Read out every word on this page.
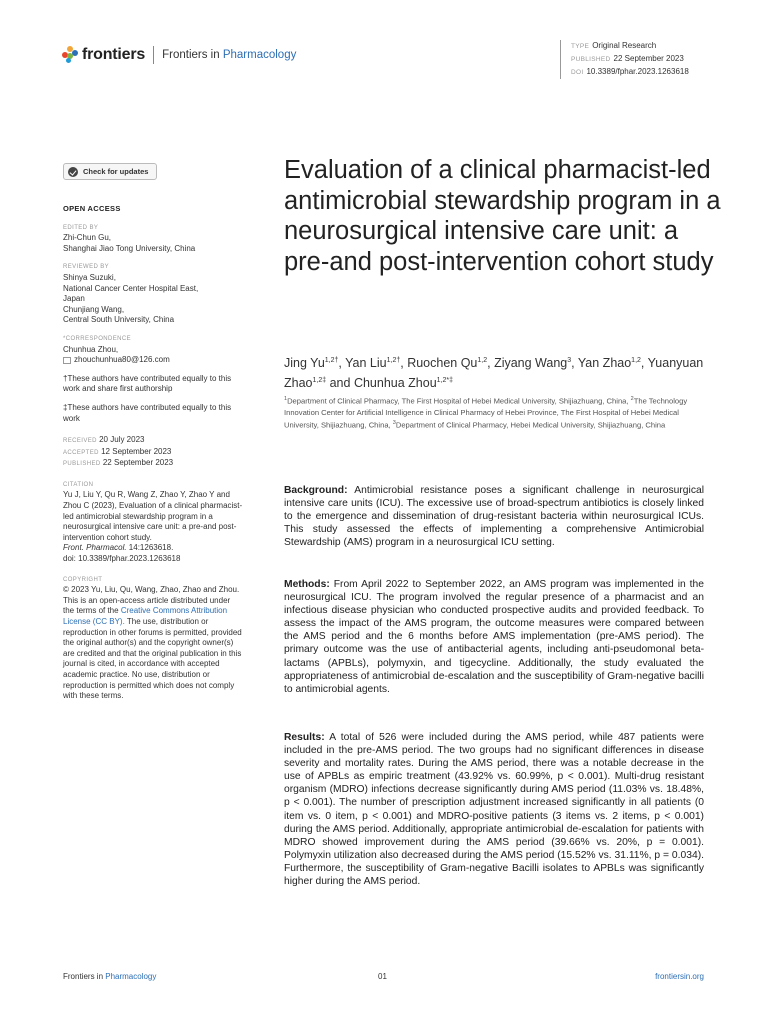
frontiers Frontiers in Pharmacology
TYPE Original Research
PUBLISHED 22 September 2023
DOI 10.3389/fphar.2023.1263618
Check for updates
OPEN ACCESS
EDITED BY
Zhi-Chun Gu,
Shanghai Jiao Tong University, China
REVIEWED BY
Shinya Suzuki,
National Cancer Center Hospital East,
Japan
Chunjiang Wang,
Central South University, China
*CORRESPONDENCE
Chunhua Zhou,
zhouchunhua80@126.com
†These authors have contributed equally to this work and share first authorship
‡These authors have contributed equally to this work
RECEIVED 20 July 2023
ACCEPTED 12 September 2023
PUBLISHED 22 September 2023
CITATION
Yu J, Liu Y, Qu R, Wang Z, Zhao Y, Zhao Y and Zhou C (2023), Evaluation of a clinical pharmacist-led antimicrobial stewardship program in a neurosurgical intensive care unit: a pre-and post-intervention cohort study.
Front. Pharmacol. 14:1263618.
doi: 10.3389/fphar.2023.1263618
COPYRIGHT
© 2023 Yu, Liu, Qu, Wang, Zhao, Zhao and Zhou. This is an open-access article distributed under the terms of the Creative Commons Attribution License (CC BY). The use, distribution or reproduction in other forums is permitted, provided the original author(s) and the copyright owner(s) are credited and that the original publication in this journal is cited, in accordance with accepted academic practice. No use, distribution or reproduction is permitted which does not comply with these terms.
Evaluation of a clinical pharmacist-led antimicrobial stewardship program in a neurosurgical intensive care unit: a pre-and post-intervention cohort study
Jing $Yu^{1,2\dagger}$, Yan Liu$^{1,2\dagger}$, Ruochen Qu$^{1,2}$, Ziyang Wang$^3$, Yan Zhao$^{1,2}$, Yuanyuan Zhao$^{1,2\ddagger}$ and Chunhua Zhou$^{1,2*\ddagger}$
$^1$Department of Clinical Pharmacy, The First Hospital of Hebei Medical University, Shijiazhuang, China, $^2$The Technology Innovation Center for Artificial Intelligence in Clinical Pharmacy of Hebei Province, The First Hospital of Hebei Medical University, Shijiazhuang, China, $^3$Department of Clinical Pharmacy, Hebei Medical University, Shijiazhuang, China
Background: Antimicrobial resistance poses a significant challenge in neurosurgical intensive care units (ICU). The excessive use of broad-spectrum antibiotics is closely linked to the emergence and dissemination of drug-resistant bacteria within neurosurgical ICUs. This study assessed the effects of implementing a comprehensive Antimicrobial Stewardship (AMS) program in a neurosurgical ICU setting.
Methods: From April 2022 to September 2022, an AMS program was implemented in the neurosurgical ICU. The program involved the regular presence of a pharmacist and an infectious disease physician who conducted prospective audits and provided feedback. To assess the impact of the AMS program, the outcome measures were compared between the AMS period and the 6 months before AMS implementation (pre-AMS period). The primary outcome was the use of antibacterial agents, including anti-pseudomonal beta-lactams (APBLs), polymyxin, and tigecycline. Additionally, the study evaluated the appropriateness of antimicrobial de-escalation and the susceptibility of Gram-negative bacilli to antimicrobial agents.
Results: A total of 526 were included during the AMS period, while 487 patients were included in the pre-AMS period. The two groups had no significant differences in disease severity and mortality rates. During the AMS period, there was a notable decrease in the use of APBLs as empiric treatment (43.92% vs. 60.99%, p < 0.001). Multi-drug resistant organism (MDRO) infections decrease significantly during AMS period (11.03% vs. 18.48%, p < 0.001). The number of prescription adjustment increased significantly in all patients (0 item vs. 0 item, p < 0.001) and MDRO-positive patients (3 items vs. 2 items, p < 0.001) during the AMS period. Additionally, appropriate antimicrobial de-escalation for patients with MDRO showed improvement during the AMS period (39.66% vs. 20%, p = 0.001). Polymyxin utilization also decreased during the AMS period (15.52% vs. 31.11%, p = 0.034). Furthermore, the susceptibility of Gram-negative Bacilli isolates to APBLs was significantly higher during the AMS period.
Frontiers in Pharmacology	01	frontiersin.org
